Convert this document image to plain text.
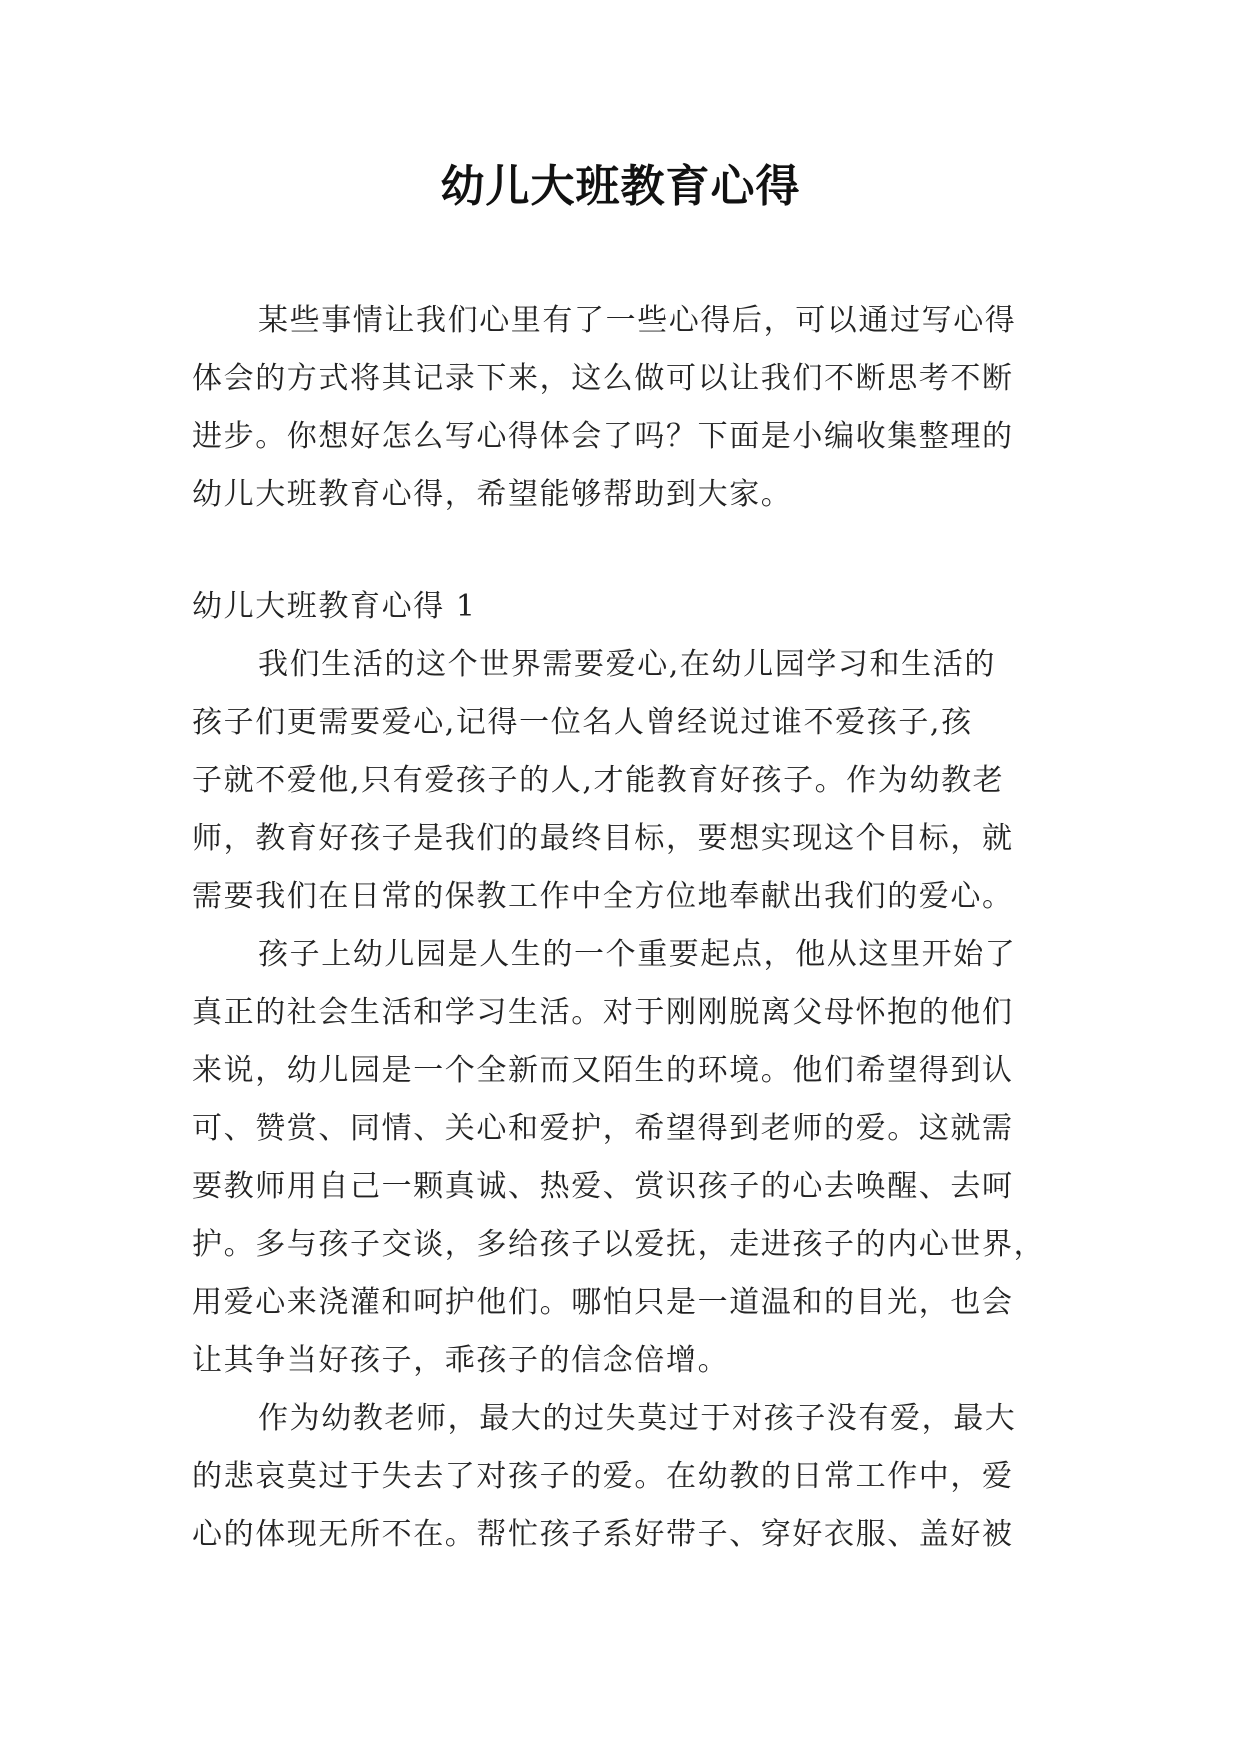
幼儿大班教育心得
某些事情让我们心里有了一些心得后，可以通过写心得
体会的方式将其记录下来，这么做可以让我们不断思考不断
进步。你想好怎么写心得体会了吗？下面是小编收集整理的
幼儿大班教育心得，希望能够帮助到大家。
幼儿大班教育心得 1
我们生活的这个世界需要爱心,在幼儿园学习和生活的
孩子们更需要爱心,记得一位名人曾经说过谁不爱孩子,孩
子就不爱他,只有爱孩子的人,才能教育好孩子。作为幼教老
师，教育好孩子是我们的最终目标，要想实现这个目标，就
需要我们在日常的保教工作中全方位地奉献出我们的爱心。
孩子上幼儿园是人生的一个重要起点，他从这里开始了
真正的社会生活和学习生活。对于刚刚脱离父母怀抱的他们
来说，幼儿园是一个全新而又陌生的环境。他们希望得到认
可、赞赏、同情、关心和爱护，希望得到老师的爱。这就需
要教师用自己一颗真诚、热爱、赏识孩子的心去唤醒、去呵
护。多与孩子交谈，多给孩子以爱抚，走进孩子的内心世界，
用爱心来浇灌和呵护他们。哪怕只是一道温和的目光，也会
让其争当好孩子，乖孩子的信念倍增。
作为幼教老师，最大的过失莫过于对孩子没有爱，最大
的悲哀莫过于失去了对孩子的爱。在幼教的日常工作中，爱
心的体现无所不在。帮忙孩子系好带子、穿好衣服、盖好被
